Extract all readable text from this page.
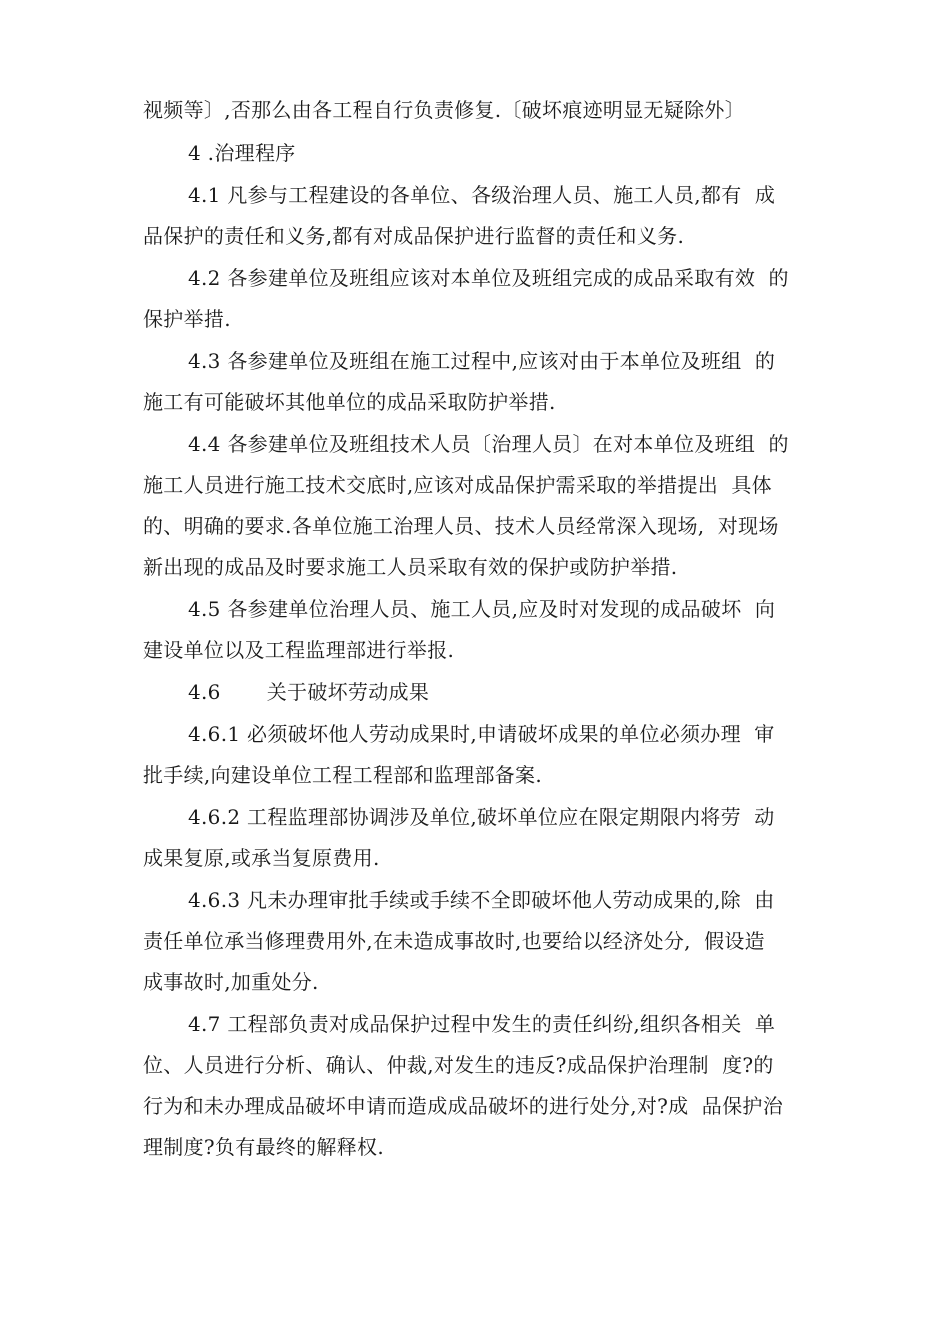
视频等〕,否那么由各工程自行负责修复.〔破坏痕迹明显无疑除外〕
4 .治理程序
4.1 凡参与工程建设的各单位、各级治理人员、施工人员,都有  成
品保护的责任和义务,都有对成品保护进行监督的责任和义务.
4.2 各参建单位及班组应该对本单位及班组完成的成品采取有效  的
保护举措.
4.3 各参建单位及班组在施工过程中,应该对由于本单位及班组  的
施工有可能破坏其他单位的成品采取防护举措.
4.4 各参建单位及班组技术人员〔治理人员〕在对本单位及班组  的
施工人员进行施工技术交底时,应该对成品保护需采取的举措提出  具体
的、明确的要求.各单位施工治理人员、技术人员经常深入现场,  对现场
新出现的成品及时要求施工人员采取有效的保护或防护举措.
4.5 各参建单位治理人员、施工人员,应及时对发现的成品破坏  向
建设单位以及工程监理部进行举报.
4.6 关于破坏劳动成果
4.6.1 必须破坏他人劳动成果时,申请破坏成果的单位必须办理  审
批手续,向建设单位工程工程部和监理部备案.
4.6.2 工程监理部协调涉及单位,破坏单位应在限定期限内将劳  动
成果复原,或承当复原费用.
4.6.3 凡未办理审批手续或手续不全即破坏他人劳动成果的,除  由
责任单位承当修理费用外,在未造成事故时,也要给以经济处分,  假设造
成事故时,加重处分.
4.7 工程部负责对成品保护过程中发生的责任纠纷,组织各相关  单
位、人员进行分析、确认、仲裁,对发生的违反?成品保护治理制  度?的
行为和未办理成品破坏申请而造成成品破坏的进行处分,对?成  品保护治
理制度?负有最终的解释权.
